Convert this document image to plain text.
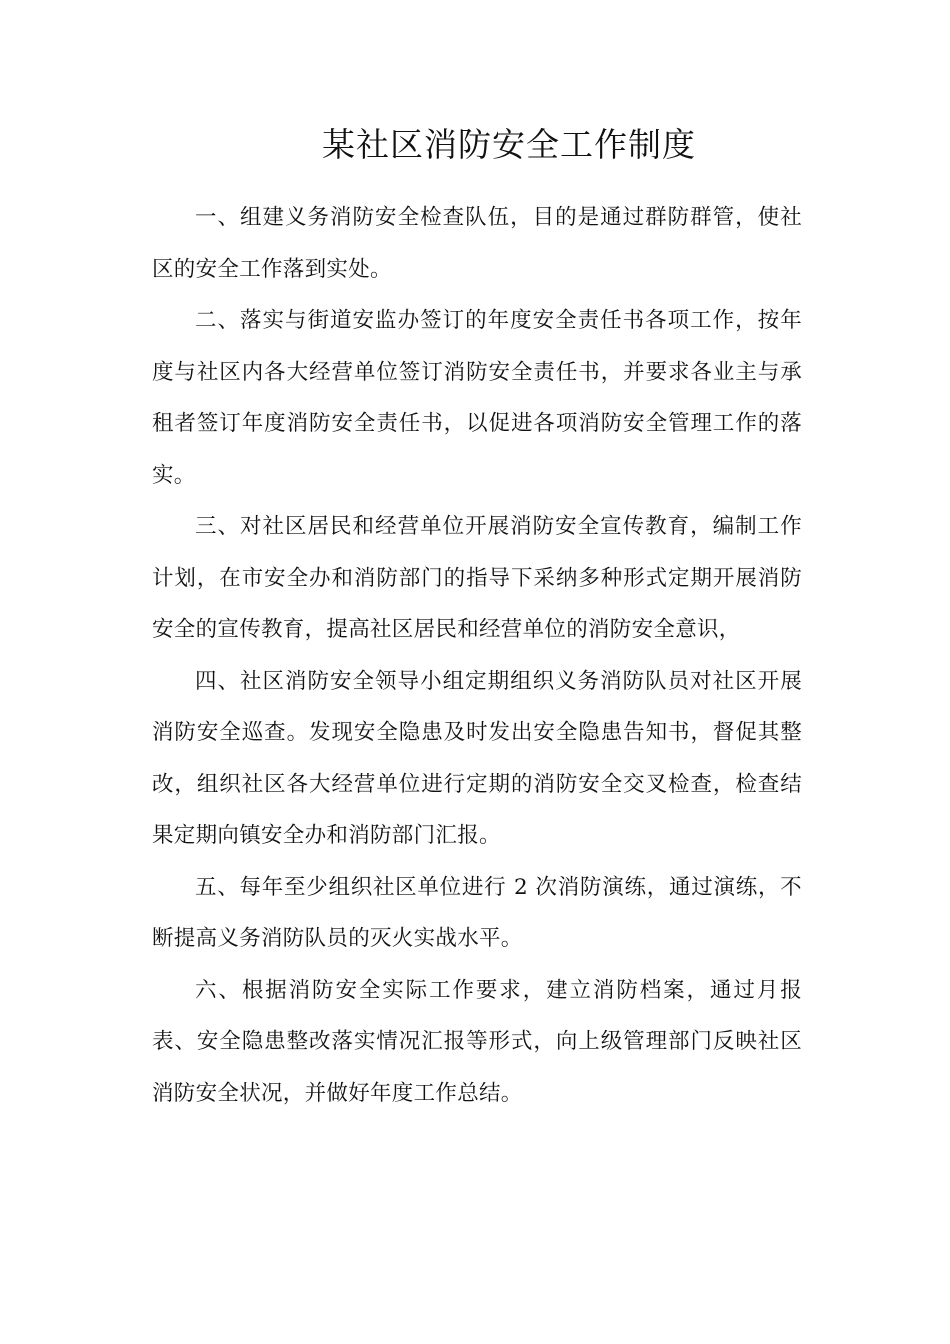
某社区消防安全工作制度

一、组建义务消防安全检查队伍，目的是通过群防群管，使社区的安全工作落到实处。

二、落实与街道安监办签订的年度安全责任书各项工作，按年度与社区内各大经营单位签订消防安全责任书，并要求各业主与承租者签订年度消防安全责任书，以促进各项消防安全管理工作的落实。

三、对社区居民和经营单位开展消防安全宣传教育，编制工作计划，在市安全办和消防部门的指导下采纳多种形式定期开展消防安全的宣传教育，提高社区居民和经营单位的消防安全意识，

四、社区消防安全领导小组定期组织义务消防队员对社区开展消防安全巡查。发现安全隐患及时发出安全隐患告知书，督促其整改，组织社区各大经营单位进行定期的消防安全交叉检查，检查结果定期向镇安全办和消防部门汇报。

五、每年至少组织社区单位进行 2 次消防演练，通过演练，不断提高义务消防队员的灭火实战水平。

六、根据消防安全实际工作要求，建立消防档案，通过月报表、安全隐患整改落实情况汇报等形式，向上级管理部门反映社区消防安全状况，并做好年度工作总结。
